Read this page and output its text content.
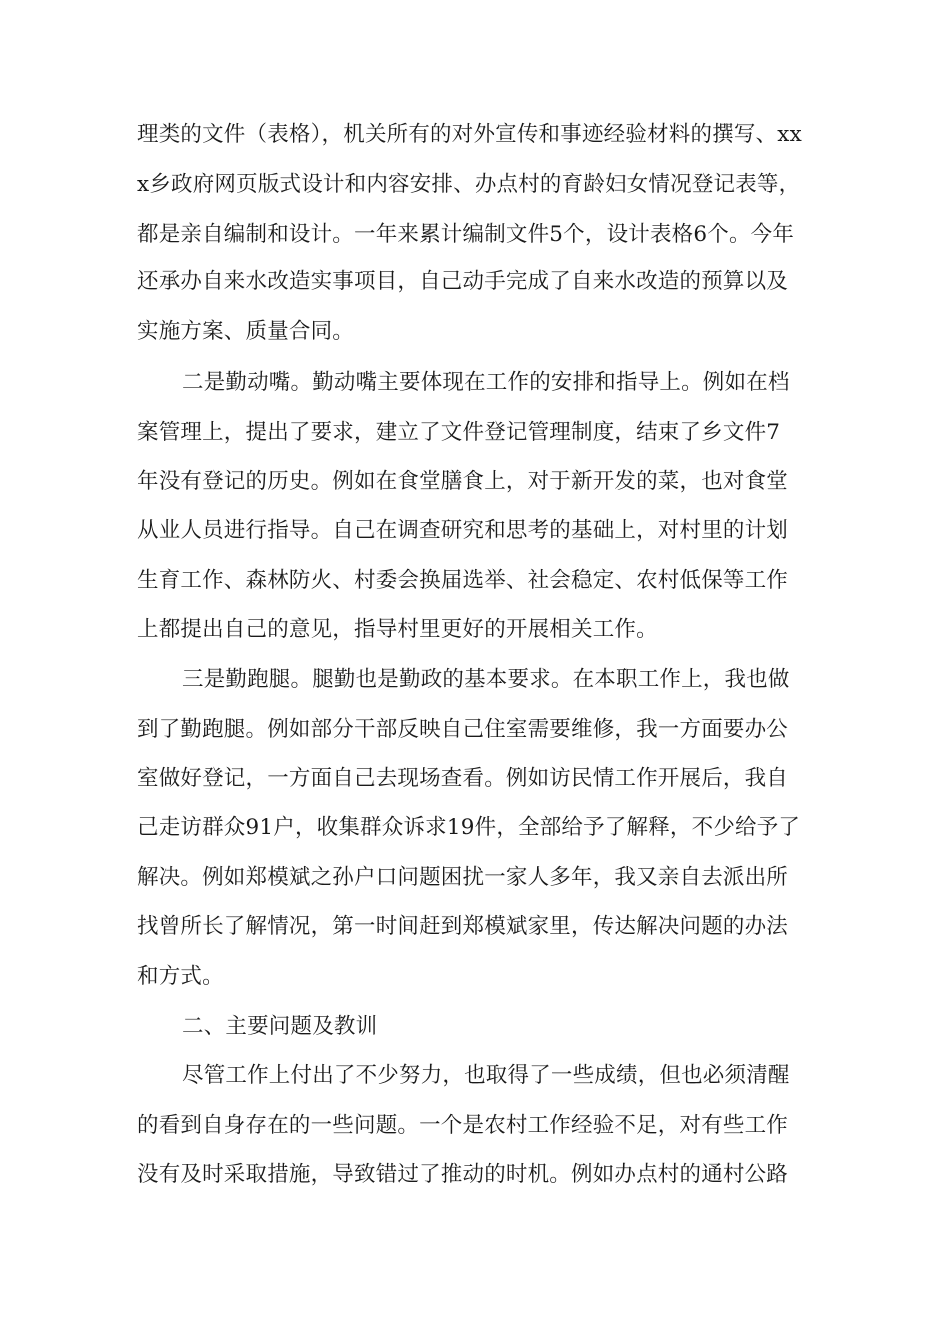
理类的文件（表格），机关所有的对外宣传和事迹经验材料的撰写、xx
x乡政府网页版式设计和内容安排、办点村的育龄妇女情况登记表等，
都是亲自编制和设计。一年来累计编制文件5个，设计表格6个。今年
还承办自来水改造实事项目，自己动手完成了自来水改造的预算以及
实施方案、质量合同。
二是勤动嘴。勤动嘴主要体现在工作的安排和指导上。例如在档
案管理上，提出了要求，建立了文件登记管理制度，结束了乡文件7
年没有登记的历史。例如在食堂膳食上，对于新开发的菜，也对食堂
从业人员进行指导。自己在调查研究和思考的基础上，对村里的计划
生育工作、森林防火、村委会换届选举、社会稳定、农村低保等工作
上都提出自己的意见，指导村里更好的开展相关工作。
三是勤跑腿。腿勤也是勤政的基本要求。在本职工作上，我也做
到了勤跑腿。例如部分干部反映自己住室需要维修，我一方面要办公
室做好登记，一方面自己去现场查看。例如访民情工作开展后，我自
己走访群众91户，收集群众诉求19件，全部给予了解释，不少给予了
解决。例如郑模斌之孙户口问题困扰一家人多年，我又亲自去派出所
找曾所长了解情况，第一时间赶到郑模斌家里，传达解决问题的办法
和方式。
二、主要问题及教训
尽管工作上付出了不少努力，也取得了一些成绩，但也必须清醒
的看到自身存在的一些问题。一个是农村工作经验不足，对有些工作
没有及时采取措施，导致错过了推动的时机。例如办点村的通村公路
